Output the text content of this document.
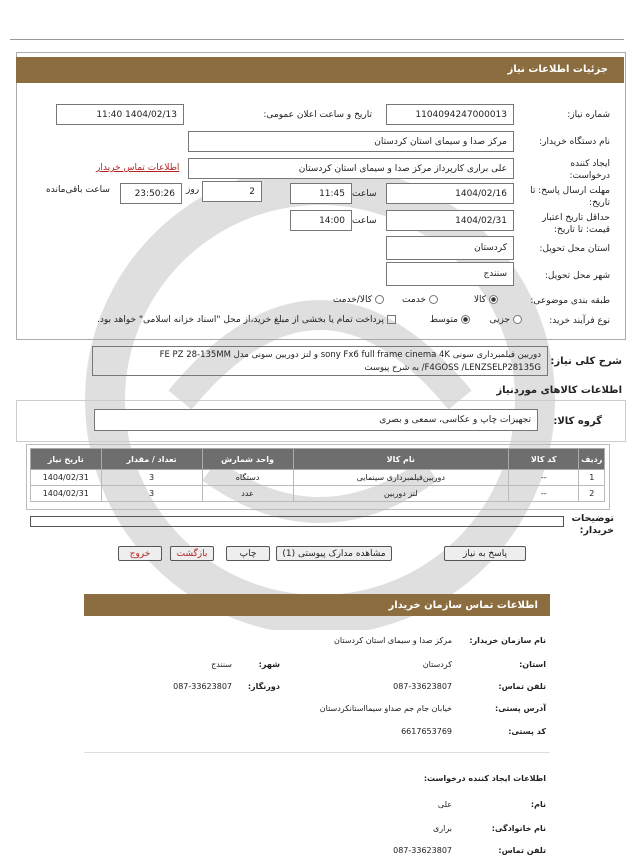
جزئیات اطلاعات نیاز
شماره نیاز:
1104094247000013
تاریخ و ساعت اعلان عمومی:
1404/02/13 11:40
نام دستگاه خریدار:
مرکز صدا و سیمای استان کردستان
ایجاد کننده درخواست:
علی براری کارپرداز مرکز صدا و سیمای استان کردستان
اطلاعات تماس خریدار
مهلت ارسال پاسخ: تا تاریخ:
1404/02/16
ساعت
11:45
2
روز
23:50:26
ساعت باقی‌مانده
حداقل تاریخ اعتبار قیمت: تا تاریخ:
1404/02/31
ساعت
14:00
استان محل تحویل:
کردستان
شهر محل تحویل:
سنندج
طبقه بندی موضوعی:
کالا
خدمت
کالا/خدمت
نوع فرآیند خرید:
جزیی
متوسط
پرداخت تمام یا بخشی از مبلغ خرید،از محل "اسناد خزانه اسلامی" خواهد بود.
شرح کلی نیاز:
دوربین فیلمبرداری سونی sony Fx6 full frame cinema 4K و لنز دوربین سونی مدل FE PZ 28-135MM
F4GOSS /LENZSELP28135G/ به شرح پیوست
اطلاعات کالاهای موردنیاز
گروه کالا:
تجهیزات چاپ و عکاسی، سمعی و بصری
ردیف	کد کالا	نام کالا	واحد شمارش	تعداد / مقدار	تاریخ نیاز
1	--	دوربین‌فیلمبرداری سینمایی	دستگاه	3	1404/02/31
2	--	لنز دوربین	عدد	3	1404/02/31
توضیحات خریدار:
پاسخ به نیاز
مشاهده مدارک پیوستی (1)
چاپ
بازگشت
خروج
اطلاعات تماس سازمان خریدار
نام سازمان خریدار:
مرکز صدا و سیمای استان کردستان
استان:
کردستان
شهر:
سنندج
تلفن تماس:
087-33623807
دورنگار:
087-33623807
آدرس پستی:
خیابان جام جم صداو سیمااستانکردستان
کد پستی:
6617653769
اطلاعات ایجاد کننده درخواست:
نام:
علی
نام خانوادگی:
براری
تلفن تماس:
087-33623807
